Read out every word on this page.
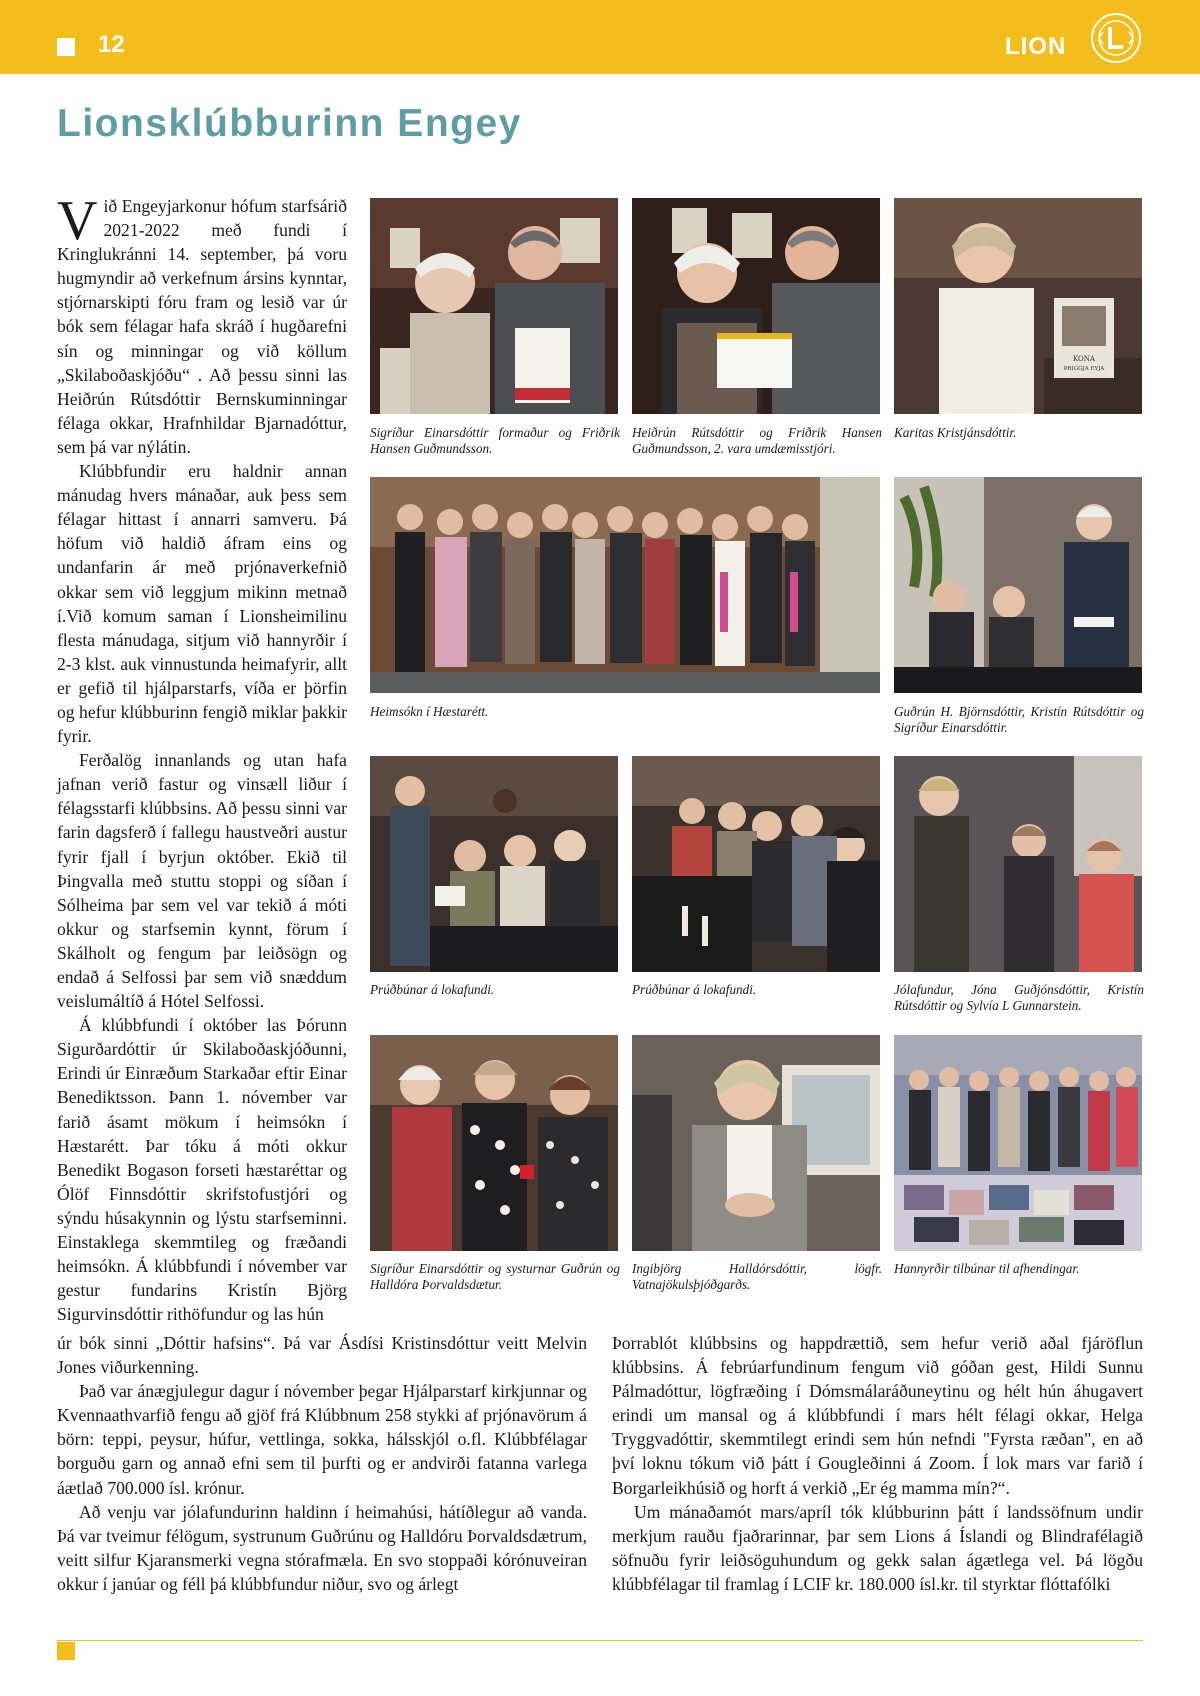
12	LION
Lionsklúbburinn Engey

Við Engeyjarkonur hófum starfsárið 2021-2022 með fundi í Kringlukránni 14. september, þá voru hugmyndir að verkefnum ársins kynntar, stjórnarskipti fóru fram og lesið var úr bók sem félagar hafa skráð í hugðarefni sín og minningar og við köllum „Skilaboðaskjóðu“ . Að þessu sinni las Heiðrún Rútsdóttir Bernskuminningar félaga okkar, Hrafnhildar Bjarnadóttur, sem þá var nýlátin.

Klúbbfundir eru haldnir annan mánudag hvers mánaðar, auk þess sem félagar hittast í annarri samveru. Þá höfum við haldið áfram eins og undanfarin ár með prjónaverkefnið okkar sem við leggjum mikinn metnað í.Við komum saman í Lionsheimilinu flesta mánudaga, sitjum við hannyrðir í 2-3 klst. auk vinnustunda heimafyrir, allt er gefið til hjálparstarfs, víða er þörfin og hefur klúbburinn fengið miklar þakkir fyrir.

Ferðalög innanlands og utan hafa jafnan verið fastur og vinsæll liður í félagsstarfi klúbbsins. Að þessu sinni var farin dagsferð í fallegu haustveðri austur fyrir fjall í byrjun október. Ekið til Þingvalla með stuttu stoppi og síðan í Sólheima þar sem vel var tekið á móti okkur og starfsemin kynnt, förum í Skálholt og fengum þar leiðsögn og endað á Selfossi þar sem við snæddum veislumáltíð á Hótel Selfossi.

Á klúbbfundi í október las Þórunn Sigurðardóttir úr Skilaboðaskjóðunni, Erindi úr Einræðum Starkaðar eftir Einar Benediktsson. Þann 1. nóvember var farið ásamt mökum í heimsókn í Hæstarétt. Þar tóku á móti okkur Benedikt Bogason forseti hæstaréttar og Ólöf Finnsdóttir skrifstofustjóri og sýndu húsakynnin og lýstu starfseminni. Einstaklega skemmtileg og fræðandi heimsókn. Á klúbbfundi í nóvember var gestur fundarins Kristín Björg Sigurvinsdóttir rithöfundur og las hún

úr bók sinni „Dóttir hafsins“. Þá var Ásdísi Kristinsdóttur veitt Melvin Jones viðurkenning.

Það var ánægjulegur dagur í nóvember þegar Hjálparstarf kirkjunnar og Kvennaathvarfið fengu að gjöf frá Klúbbnum 258 stykki af prjónavörum á börn: teppi, peysur, húfur, vettlinga, sokka, hálsskjól o.fl. Klúbbfélagar borguðu garn og annað efni sem til þurfti og er andvirði fatanna varlega áætlað 700.000 ísl. krónur.

Að venju var jólafundurinn haldinn í heimahúsi, hátíðlegur að vanda. Þá var tveimur félögum, systrunum Guðrúnu og Halldóru Þorvaldsdætrum, veitt silfur Kjaransmerki vegna stórafmæla. En svo stoppaði kórónuveiran okkur í janúar og féll þá klúbbfundur niður, svo og árlegt

Þorrablót klúbbsins og happdrættið, sem hefur verið aðal fjáröflun klúbbsins. Á febrúarfundinum fengum við góðan gest, Hildi Sunnu Pálmadóttur, lögfræðing í Dómsmálaráðuneytinu og hélt hún áhugavert erindi um mansal og á klúbbfundi í mars hélt félagi okkar, Helga Tryggvadóttir, skemmtilegt erindi sem hún nefndi "Fyrsta ræðan", en að því loknu tókum við þátt í Gougleðinni á Zoom. Í lok mars var farið í Borgarleikhúsið og horft á verkið „Er ég mamma mín?“.

Um mánaðamót mars/apríl tók klúbburinn þátt í landssöfnum undir merkjum rauðu fjaðrarinnar, þar sem Lions á Íslandi og Blindrafélagið söfnuðu fyrir leiðsöguhundum og gekk salan ágætlega vel. Þá lögðu klúbbfélagar til framlag í LCIF kr. 180.000 ísl.kr. til styrktar flóttafólki

KONA
ÞRIGGJA EYJA
Sigríður Einarsdóttir formaður og Friðrik Hansen Guðmundsson.
Heiðrún Rútsdóttir og Friðrik Hansen Guðmundsson, 2. vara umdæmisstjóri.
Karitas Kristjánsdóttir.
Heimsókn í Hæstarétt.	Guðrún H. Björnsdóttir, Kristín Rútsdóttir og Sigríður Einarsdóttir.
Prúðbúnar á lokafundi.	Prúðbúnar á lokafundi.	Jólafundur, Jóna Guðjónsdóttir, Kristín Rútsdóttir og Sylvía L Gunnarstein.
Sigríður Einarsdóttir og systurnar Guðrún og Halldóra Þorvaldsdætur.
Ingibjörg Halldórsdóttir, lögfr. Vatnajökulsþjóðgarðs.
Hannyrðir tilbúnar til afhendingar.
